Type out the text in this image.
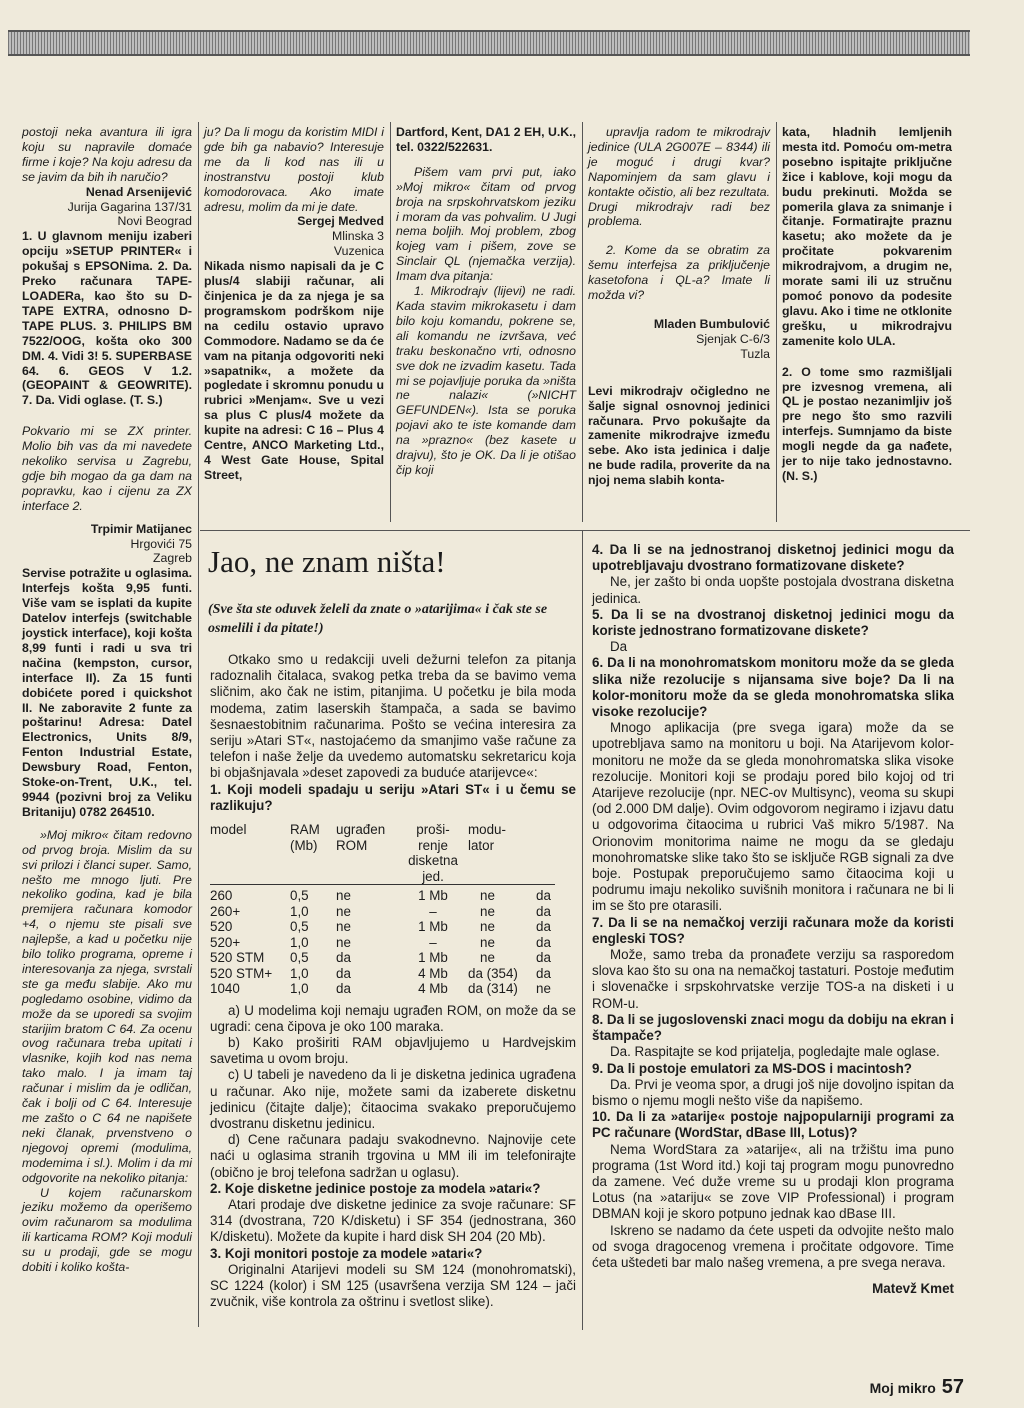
postoji neka avantura ili igra koju su napravile domaće firme i koje? Na koju adresu da se javim da bih ih naručio?

Nenad Arsenijević

Jurija Gagarina 137/31

Novi Beograd

1. U glavnom meniju izaberi opciju »SETUP PRINTER« i pokušaj s EPSONima. 2. Da. Preko računara TAPE-LOADERa, kao što su D-TAPE EXTRA, odnosno D-TAPE PLUS. 3. PHILIPS BM 7522/OOG, košta oko 300 DM. 4. Vidi 3! 5. SUPERBASE 64. 6. GEOS V 1.2. (GEOPAINT & GEOWRITE). 7. Da. Vidi oglase. (T. S.)

Pokvario mi se ZX printer. Molio bih vas da mi navedete nekoliko servisa u Zagrebu, gdje bih mogao da ga dam na popravku, kao i cijenu za ZX interface 2.

Trpimir Matijanec

Hrgovići 75

Zagreb

Servise potražite u oglasima. Interfejs košta 9,95 funti. Više vam se isplati da kupite Datelov interfejs (switchable joystick interface), koji košta 8,99 funti i radi u sva tri načina (kempston, cursor, interface II). Za 15 funti dobićete pored i quickshot II. Ne zaboravite 2 funte za poštarinu! Adresa: Datel Electronics, Units 8/9, Fenton Industrial Estate, Dewsbury Road, Fenton, Stoke-on-Trent, U.K., tel. 9944 (pozivni broj za Veliku Britaniju) 0782 264510.

»Moj mikro« čitam redovno od prvog broja. Mislim da su svi prilozi i članci super. Samo, nešto me mnogo ljuti. Pre nekoliko godina, kad je bila premijera računara komodor +4, o njemu ste pisali sve najlepše, a kad u početku nije bilo toliko programa, opreme i interesovanja za njega, svrstali ste ga među slabije. Ako mu pogledamo osobine, vidimo da može da se uporedi sa svojim starijim bratom C 64. Za ocenu ovog računara treba upitati i vlasnike, kojih kod nas nema tako malo. I ja imam taj računar i mislim da je odličan, čak i bolji od C 64. Interesuje me zašto o C 64 ne napišete neki članak, prvenstveno o njegovoj opremi (modulima, modemima i sl.). Molim i da mi odgovorite na nekoliko pitanja:

U kojem računarskom jeziku možemo da operišemo ovim računarom sa modulima ili karticama ROM? Koji moduli su u prodaji, gde se mogu dobiti i koliko košta-

ju? Da li mogu da koristim MIDI i gde bih ga nabavio? Interesuje me da li kod nas ili u inostranstvu postoji klub komodorovaca. Ako imate adresu, molim da mi je date.

Sergej Medved

Mlinska 3

Vuzenica

Nikada nismo napisali da je C plus/4 slabiji računar, ali činjenica je da za njega je sa programskom podrškom nije na cedilu ostavio upravo Commodore. Nadamo se da će vam na pitanja odgovoriti neki »sapatnik«, a možete da pogledate i skromnu ponudu u rubrici »Menjam«. Sve u vezi sa plus C plus/4 možete da kupite na adresi: C 16 – Plus 4 Centre, ANCO Marketing Ltd., 4 West Gate House, Spital Street,

Dartford, Kent, DA1 2 EH, U.K., tel. 0322/522631.

Pišem vam prvi put, iako »Moj mikro« čitam od prvog broja na srpskohrvatskom jeziku i moram da vas pohvalim. U Jugi nema boljih. Moj problem, zbog kojeg vam i pišem, zove se Sinclair QL (njemačka verzija). Imam dva pitanja:

1. Mikrodrajv (lijevi) ne radi. Kada stavim mikrokasetu i dam bilo koju komandu, pokrene se, ali komandu ne izvršava, već traku beskonačno vrti, odnosno sve dok ne izvadim kasetu. Tada mi se pojavljuje poruka da »ništa ne nalazi« (»NICHT GEFUNDEN«). Ista se poruka pojavi ako te iste komande dam na »prazno« (bez kasete u drajvu), što je OK. Da li je otišao čip koji

upravlja radom te mikrodrajv jedinice (ULA 2G007E – 8344) ili je moguć i drugi kvar? Napominjem da sam glavu i kontakte očistio, ali bez rezultata. Drugi mikrodrajv radi bez problema.

2. Kome da se obratim za šemu interfejsa za priključenje kasetofona i QL-a? Imate li možda vi?

Mladen Bumbulović

Sjenjak C-6/3

Tuzla

Levi mikrodrajv očigledno ne šalje signal osnovnoj jedinici računara. Prvo pokušajte da zamenite mikrodrajve između sebe. Ako ista jedinica i dalje ne bude radila, proverite da na njoj nema slabih konta-

kata, hladnih lemljenih mesta itd. Pomoću om-metra posebno ispitajte priključne žice i kablove, koji mogu da budu prekinuti. Možda se pomerila glava za snimanje i čitanje. Formatirajte praznu kasetu; ako možete da je pročitate pokvarenim mikrodrajvom, a drugim ne, morate sami ili uz stručnu pomoć ponovo da podesite glavu. Ako i time ne otklonite grešku, u mikrodrajvu zamenite kolo ULA.

2. O tome smo razmišljali pre izvesnog vremena, ali QL je postao nezanimljiv još pre nego što smo razvili interfejs. Sumnjamo da biste mogli negde da ga nađete, jer to nije tako jednostavno. (N. S.)

Jao, ne znam ništa!
(Sve šta ste oduvek želeli da znate o »atarijima« i čak ste se osmelili i da pitate!)

Otkako smo u redakciji uveli dežurni telefon za pitanja radoznalih čitalaca, svakog petka treba da se bavimo vema sličnim, ako čak ne istim, pitanjima. U početku je bila moda modema, zatim laserskih štampača, a sada se bavimo šesnaestobitnim računarima. Pošto se većina interesira za seriju »Atari ST«, nastojaćemo da smanjimo vaše račune za telefon i naše želje da uvedemo automatsku sekretaricu koja bi objašnjavala »deset zapovedi za buduće atarijevce«:

1. Koji modeli spadaju u seriju »Atari ST« i u čemu se razlikuju?

model	RAM
(Mb)	ugrađen
ROM	proši-
renje
disketna
jed.	modu-
lator	

260	0,5	ne	1 Mb	ne	da
260+	1,0	ne	–	ne	da
520	0,5	ne	1 Mb	ne	da
520+	1,0	ne	–	ne	da
520 STM	0,5	da	1 Mb	ne	da
520 STM+	1,0	da	4 Mb	da (354)	da
1040	1,0	da	4 Mb	da (314)	ne

a) U modelima koji nemaju ugrađen ROM, on može da se ugradi: cena čipova je oko 100 maraka.

b) Kako proširiti RAM objavljujemo u Hardvejskim savetima u ovom broju.

c) U tabeli je navedeno da li je disketna jedinica ugrađena u računar. Ako nije, možete sami da izaberete disketnu jedinicu (čitajte dalje); čitaocima svakako preporučujemo dvostranu disketnu jedinicu.

d) Cene računara padaju svakodnevno. Najnovije cete naći u oglasima stranih trgovina u MM ili im telefonirajte (obično je broj telefona sadržan u oglasu).

2. Koje disketne jedinice postoje za modela »atari«?

Atari prodaje dve disketne jedinice za svoje računare: SF 314 (dvostrana, 720 K/disketu) i SF 354 (jednostrana, 360 K/disketu). Možete da kupite i hard disk SH 204 (20 Mb).

3. Koji monitori postoje za modele »atari«?

Originalni Atarijevi modeli su SM 124 (monohromatski), SC 1224 (kolor) i SM 125 (usavršena verzija SM 124 – jači zvučnik, više kontrola za oštrinu i svetlost slike).

4. Da li se na jednostranoj disketnoj jedinici mogu da upotrebljavaju dvostrano formatizovane diskete?

Ne, jer zašto bi onda uopšte postojala dvostrana disketna jedinica.

5. Da li se na dvostranoj disketnoj jedinici mogu da koriste jednostrano formatizovane diskete?

Da

6. Da li na monohromatskom monitoru može da se gleda slika niže rezolucije s nijansama sive boje? Da li na kolor-monitoru može da se gleda monohromatska slika visoke rezolucije?

Mnogo aplikacija (pre svega igara) može da se upotrebljava samo na monitoru u boji. Na Atarijevom kolor-monitoru ne može da se gleda monohromatska slika visoke rezolucije. Monitori koji se prodaju pored bilo kojoj od tri Atarijeve rezolucije (npr. NEC-ov Multisync), veoma su skupi (od 2.000 DM dalje). Ovim odgovorom negiramo i izjavu datu u odgovorima čitaocima u rubrici Vaš mikro 5/1987. Na Orionovim monitorima naime ne mogu da se gledaju monohromatske slike tako što se isključe RGB signali za dve boje. Postupak preporučujemo samo čitaocima koji u podrumu imaju nekoliko suvišnih monitora i računara ne bi li im se što pre otarasili.

7. Da li se na nemačkoj verziji računara može da koristi engleski TOS?

Može, samo treba da pronađete verziju sa rasporedom slova kao što su ona na nemačkoj tastaturi. Postoje međutim i slovenačke i srpskohrvatske verzije TOS-a na disketi i u ROM-u.

8. Da li se jugoslovenski znaci mogu da dobiju na ekran i štampače?

Da. Raspitajte se kod prijatelja, pogledajte male oglase.

9. Da li postoje emulatori za MS-DOS i macintosh?

Da. Prvi je veoma spor, a drugi još nije dovoljno ispitan da bismo o njemu mogli nešto više da napišemo.

10. Da li za »atarije« postoje najpopularniji programi za PC računare (WordStar, dBase III, Lotus)?

Nema WordStara za »atarije«, ali na tržištu ima puno programa (1st Word itd.) koji taj program mogu punovredno da zamene. Već duže vreme su u prodaji klon programa Lotus (na »atariju« se zove VIP Professional) i program DBMAN koji je skoro potpuno jednak kao dBase III.

Iskreno se nadamo da ćete uspeti da odvojite nešto malo od svoga dragocenog vremena i pročitate odgovore. Time ćeta uštedeti bar malo našeg vremena, a pre svega nerava.

Matevž Kmet

Moj mikro 57
